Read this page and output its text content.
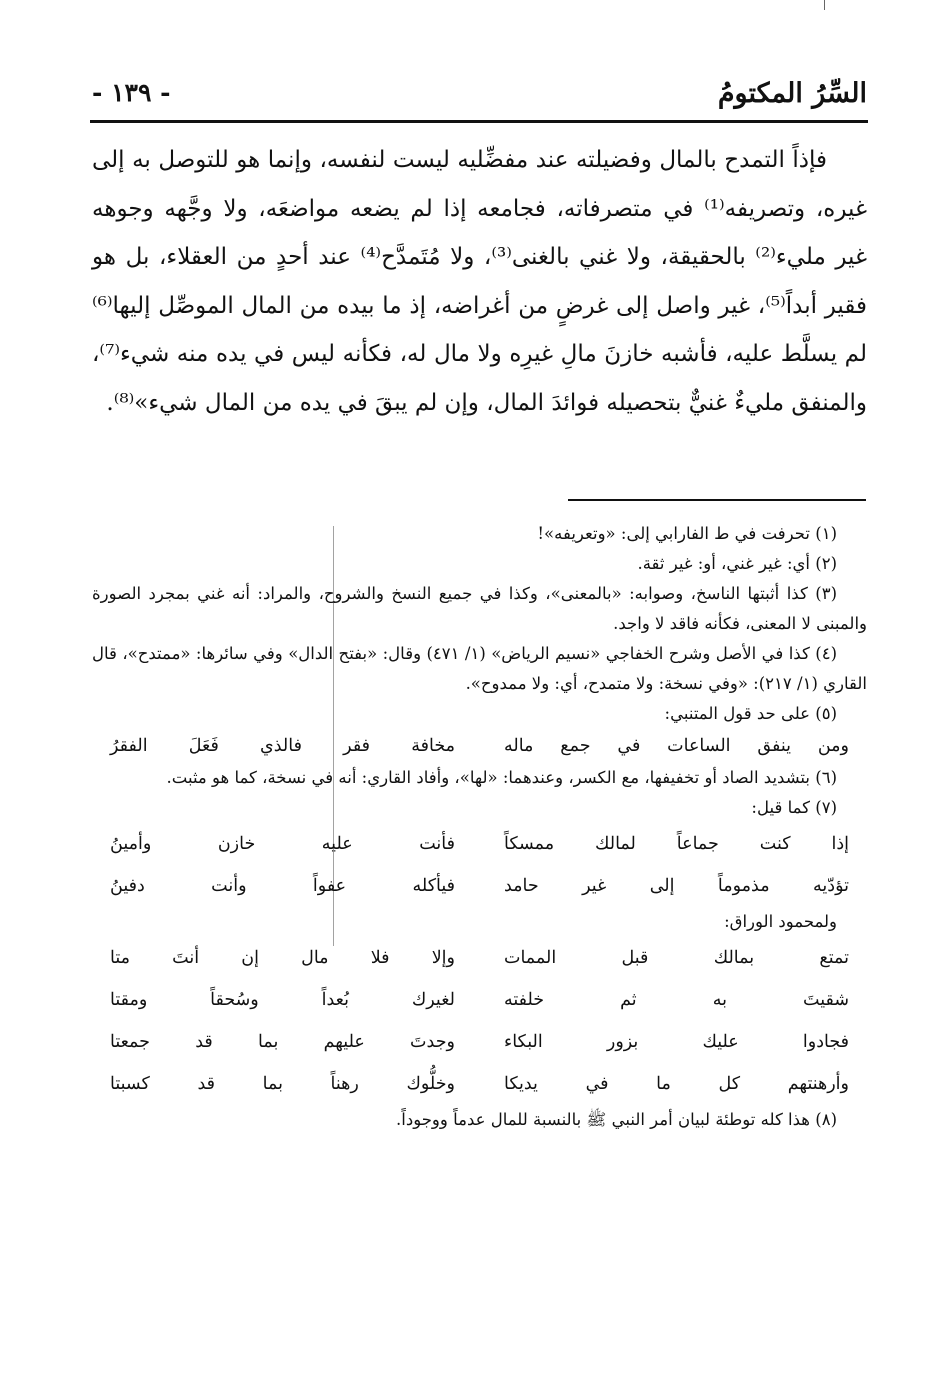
السِّرُ المكتومُ
- ١٣٩ -

فإذاً التمدح بالمال وفضيلته عند مفضِّليه ليست لنفسه، وإنما هو للتوصل به إلى غيره، وتصريفه⁽¹⁾ في متصرفاته، فجامعه إذا لم يضعه مواضعَه، ولا وجَّهه وجوهه غير مليء⁽²⁾ بالحقيقة، ولا غني بالغنى⁽³⁾، ولا مُتَمدَّح⁽⁴⁾ عند أحدٍ من العقلاء، بل هو فقير أبداً⁽⁵⁾، غير واصل إلى غرضٍ من أغراضه، إذ ما بيده من المال الموصِّل إليها⁽⁶⁾ لم يسلَّط عليه، فأشبه خازنَ مالِ غيرِه ولا مال له، فكأنه ليس في يده منه شيء⁽⁷⁾، والمنفق مليءٌ غنيٌّ بتحصيله فوائدَ المال، وإن لم يبقَ في يده من المال شيء»⁽⁸⁾.

(١) تحرفت في ط الفارابي إلى: «وتعريفه»!

(٢) أي: غير غني، أو: غير ثقة.

(٣) كذا أثبتها الناسخ، وصوابه: «بالمعنى»، وكذا في جميع النسخ والشروح، والمراد: أنه غني بمجرد الصورة والمبنى لا المعنى، فكأنه فاقد لا واجد.

(٤) كذا في الأصل وشرح الخفاجي «نسيم الرياض» (١/ ٤٧١) وقال: «بفتح الدال» وفي سائرها: «ممتدح»، قال القاري (١/ ٢١٧): «وفي نسخة: ولا متمدح، أي: ولا ممدوح».

(٥) على حد قول المتنبي:

ومن ينفق الساعات في جمع ماله
مخافة فقر فالذي فَعَلَ الفقرُ

(٦) بتشديد الصاد أو تخفيفها، مع الكسر، وعندهما: «لها»، وأفاد القاري: أنه في نسخة، كما هو مثبت.

(٧) كما قيل:

إذا كنت جماعاً لمالك ممسكاً
فأنت عليه خازن وأمينُ
تؤدّيه مذموماً إلى غير حامد
فيأكله عفواً وأنت دفينُ

ولمحمود الوراق:

تمتع بمالك قبل الممات
وإلا فلا مال إن أنتَ متا
شقيتَ به ثم خلفته
لغيرك بُعداً وسُحقاً ومقتا
فجادوا عليك بزور البكاء
وجدتَ عليهم بما قد جمعتا
وأرهنتهم كل ما في يديكا
وخلُّوك رهناً بما قد كسبتا

(٨) هذا كله توطئة لبيان أمر النبي ﷺ بالنسبة للمال عدماً ووجوداً.
